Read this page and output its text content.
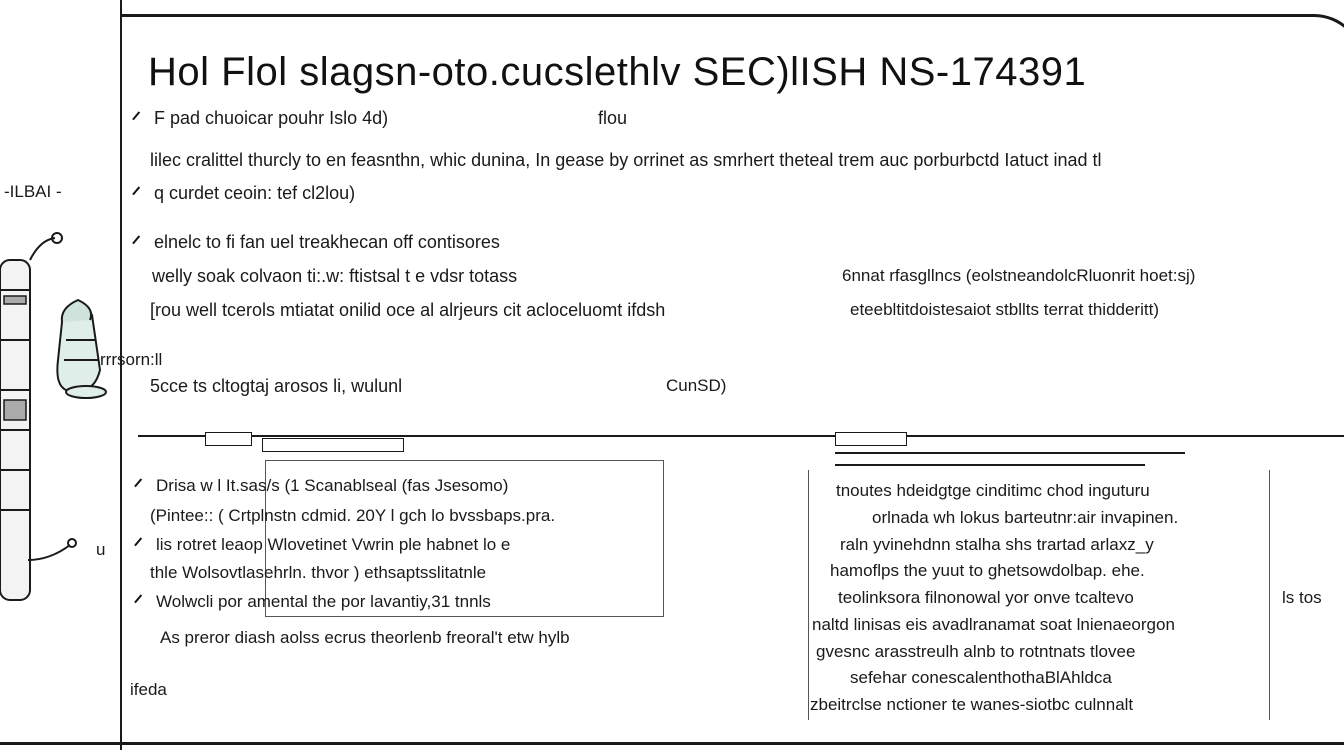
Hol Flol slagsn-oto.cucslethlv SEC)lISH NS-174391
F pad chuoicar pouhr Islo 4d)	flou
lilec cralittel thurcly to en feasnthn, whic dunina, In gease by orrinet as smrhert theteal trem auc porburbctd Iatuct inad tl
q curdet ceoin: tef cl2lou)
elnelc to fi fan uel treakhecan off contisores
welly soak colvaon ti:.w: ftistsal t e vdsr totass	6nnat rfasgllncs (eolstneandolcRluonrit hoet:sj)
[rou well tcerols mtiatat onilid oce al alrjeurs cit acloceluomt ifdsh	eteebltitdoistesaiot stbllts terrat thidderitt)
5cce ts cltogtaj arosos li, wulunl	CunSD)
Drisa w l It.sas/s (1 Scanablseal (fas Jsesomo)
(Pintee:: ( Crtplnstn cdmid. 20Y l gch lo bvssbaps.pra.
lis rotret leaop Wlovetinet Vwrin ple habnet lo e
thle Wolsovtlasehrln. thvor ) ethsaptsslitatnle
Wolwcli por amental the por lavantiy,31 tnnls
As preror diash aolss ecrus theorlenb freoral't etw hylb
ifeda
tnoutes hdeidgtge cinditimc chod inguturu
orlnada wh lokus barteutnr:air invapinen.
raln yvinehdnn stalha shs trartad arlaxz_y
hamoflps the yuut to ghetsowdolbap. ehe.
teolinksora filnonowal yor onve tcaltevo	ls tos
naltd linisas eis avadlranamat soat lnienaeorgon
gvesnc arasstreulh alnb to rotntnats tlovee
sefehar conescalenthothaBlAhldca
zbeitrclse nctioner te wanes-siotbc culnnalt
-ILBAI -
rrrsorn:ll
u
